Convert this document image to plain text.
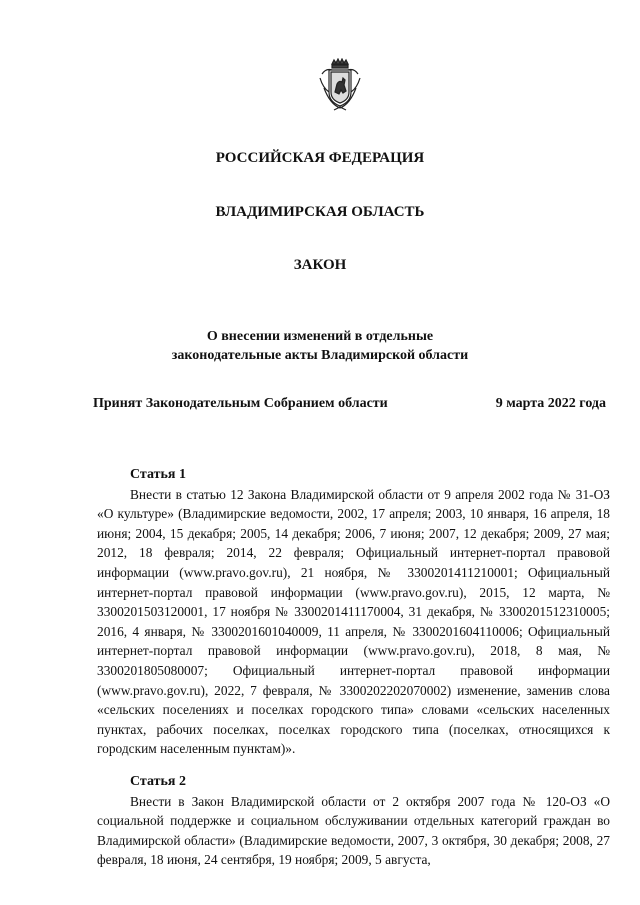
РОССИЙСКАЯ ФЕДЕРАЦИЯ
ВЛАДИМИРСКАЯ ОБЛАСТЬ
ЗАКОН
О внесении изменений в отдельные
законодательные акты Владимирской области
Принят Законодательным Собранием области	9 марта 2022 года
Статья 1
Внести в статью 12 Закона Владимирской области от 9 апреля 2002 года № 31-ОЗ «О культуре» (Владимирские ведомости, 2002, 17 апреля; 2003, 10 января, 16 апреля, 18 июня; 2004, 15 декабря; 2005, 14 декабря; 2006, 7 июня; 2007, 12 декабря; 2009, 27 мая; 2012, 18 февраля; 2014, 22 февраля; Официальный интернет-портал правовой информации (www.pravo.gov.ru), 21 ноября, № 3300201411210001; Официальный интернет-портал правовой информации (www.pravo.gov.ru), 2015, 12 марта, № 3300201503120001, 17 ноября № 3300201411170004, 31 декабря, № 3300201512310005; 2016, 4 января, № 3300201601040009, 11 апреля, № 3300201604110006; Официальный интернет-портал правовой информации (www.pravo.gov.ru), 2018, 8 мая, № 3300201805080007; Официальный интернет-портал правовой информации (www.pravo.gov.ru), 2022, 7 февраля, № 3300202202070002) изменение, заменив слова «сельских поселениях и поселках городского типа» словами «сельских населенных пунктах, рабочих поселках, поселках городского типа (поселках, относящихся к городским населенным пунктам)».
Статья 2
Внести в Закон Владимирской области от 2 октября 2007 года № 120-ОЗ «О социальной поддержке и социальном обслуживании отдельных категорий граждан во Владимирской области» (Владимирские ведомости, 2007, 3 октября, 30 декабря; 2008, 27 февраля, 18 июня, 24 сентября, 19 ноября; 2009, 5 августа,
